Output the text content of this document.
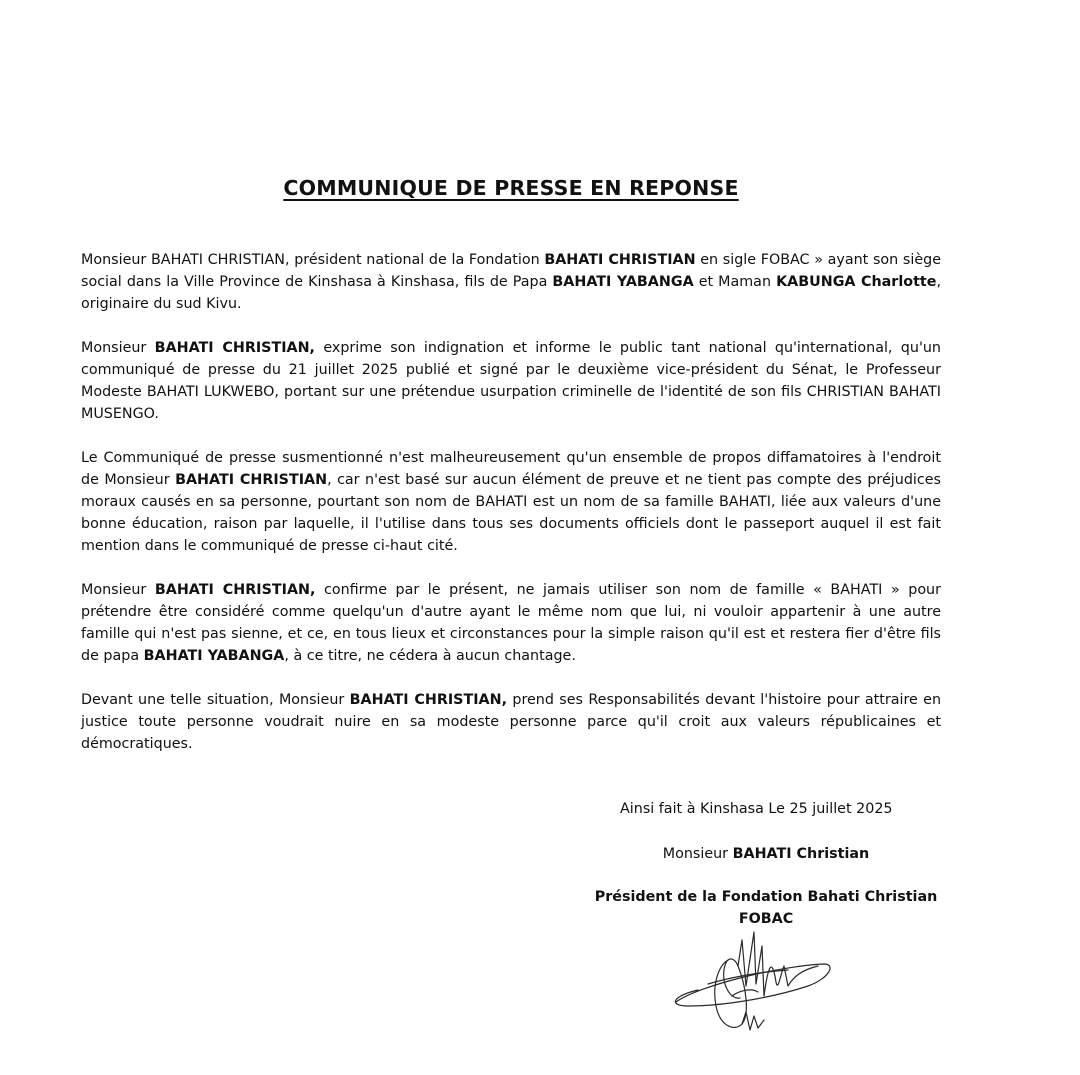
COMMUNIQUE DE PRESSE EN REPONSE

Monsieur BAHATI CHRISTIAN, président national de la Fondation BAHATI CHRISTIAN en sigle FOBAC » ayant son siège social dans la Ville Province de Kinshasa à Kinshasa, fils de Papa BAHATI YABANGA et Maman KABUNGA Charlotte, originaire du sud Kivu.

Monsieur BAHATI CHRISTIAN, exprime son indignation et informe le public tant national qu'international, qu'un communiqué de presse du 21 juillet 2025 publié et signé par le deuxième vice-président du Sénat, le Professeur Modeste BAHATI LUKWEBO, portant sur une prétendue usurpation criminelle de l'identité de son fils CHRISTIAN BAHATI MUSENGO.

Le Communiqué de presse susmentionné n'est malheureusement qu'un ensemble de propos diffamatoires à l'endroit de Monsieur BAHATI CHRISTIAN, car n'est basé sur aucun élément de preuve et ne tient pas compte des préjudices moraux causés en sa personne, pourtant son nom de BAHATI est un nom de sa famille BAHATI, liée aux valeurs d'une bonne éducation, raison par laquelle, il l'utilise dans tous ses documents officiels dont le passeport auquel il est fait mention dans le communiqué de presse ci-haut cité.

Monsieur BAHATI CHRISTIAN, confirme par le présent, ne jamais utiliser son nom de famille « BAHATI » pour prétendre être considéré comme quelqu'un d'autre ayant le même nom que lui, ni vouloir appartenir à une autre famille qui n'est pas sienne, et ce, en tous lieux et circonstances pour la simple raison qu'il est et restera fier d'être fils de papa BAHATI YABANGA, à ce titre, ne cédera à aucun chantage.

Devant une telle situation, Monsieur BAHATI CHRISTIAN, prend ses Responsabilités devant l'histoire pour attraire en justice toute personne voudrait nuire en sa modeste personne parce qu'il croit aux valeurs républicaines et démocratiques.

Ainsi fait à Kinshasa Le 25 juillet 2025
Monsieur BAHATI Christian
Président de la Fondation Bahati Christian
FOBAC
